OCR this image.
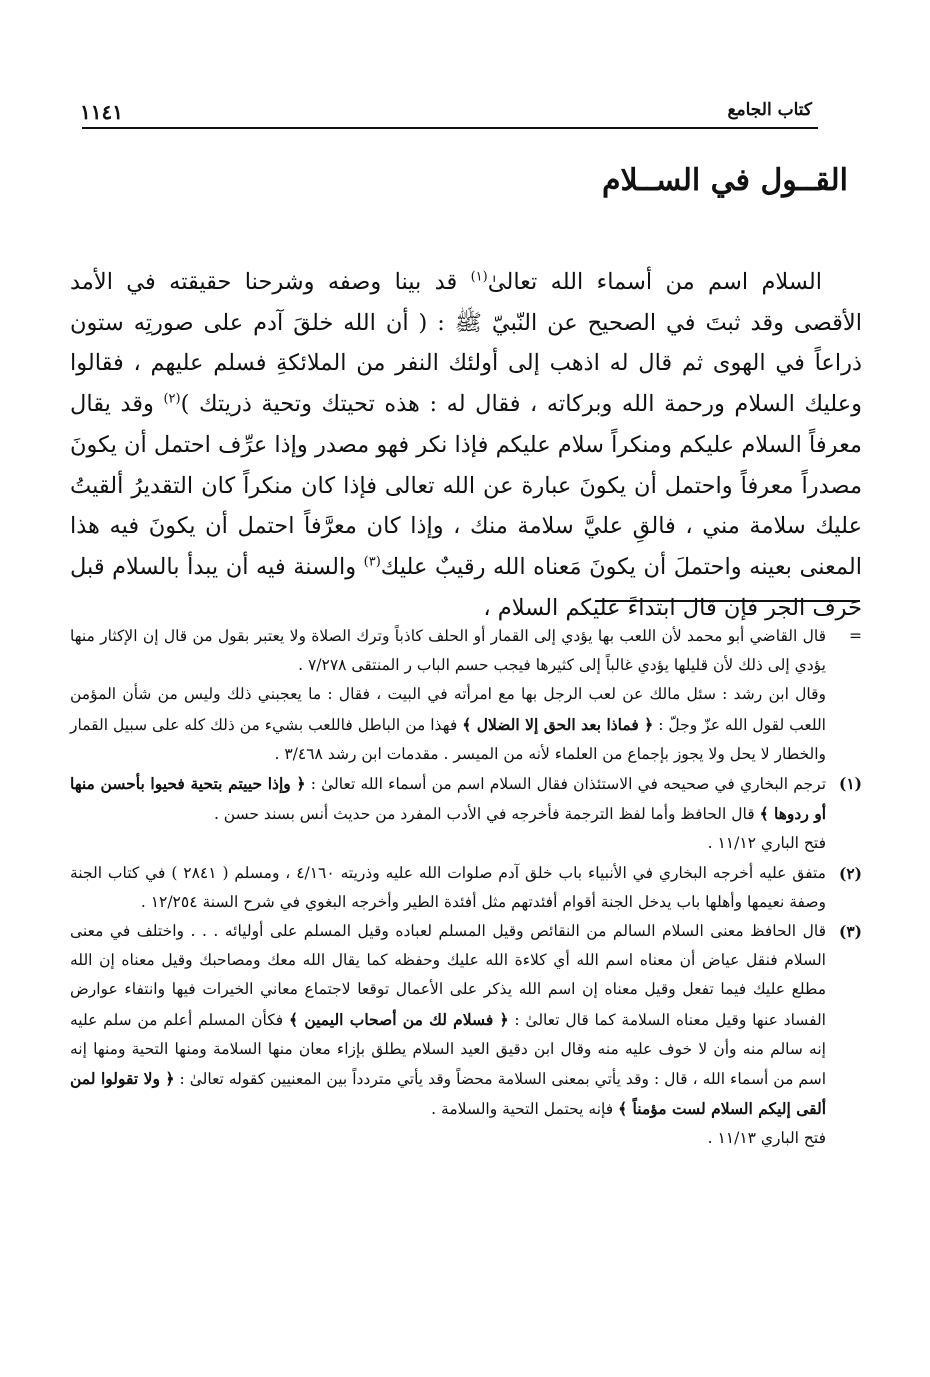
كتاب الجامع
١١٤١
القــول في الســلام

السلام اسم من أسماء الله تعالىٰ$^{(١)}$ قد بينا وصفه وشرحنا حقيقته في الأمد الأقصى وقد ثبتَ في الصحيح عن النّبيّ ﷺ : ( أن الله خلقَ آدم على صورتِه ستون ذراعاً في الهوى ثم قال له اذهب إلى أولئك النفر من الملائكةِ فسلم عليهم ، فقالوا وعليك السلام ورحمة الله وبركاته ، فقال له : هذه تحيتك وتحية ذريتك )$^{(٢)}$ وقد يقال معرفاً السلام عليكم ومنكراً سلام عليكم فإذا نكر فهو مصدر وإذا عرِّف احتمل أن يكونَ مصدراً معرفاً واحتمل أن يكونَ عبارة عن الله تعالى فإذا كان منكراً كان التقديرُ ألقيتُ عليك سلامة مني ، فالقِ عليَّ سلامة منك ، وإذا كان معرَّفاً احتمل أن يكونَ فيه هذا المعنى بعينه واحتملَ أن يكونَ مَعناه الله رقيبٌ عليك$^{(٣)}$ والسنة فيه أن يبدأ بالسلام قبل حَرف الجر فإن قال ابتداءً عليكم السلام ،

=
قال القاضي أبو محمد لأن اللعب بها يؤدي إلى القمار أو الحلف كاذباً وترك الصلاة ولا يعتبر بقول من قال إن الإكثار منها يؤدي إلى ذلك لأن قليلها يؤدي غالباً إلى كثيرها فيجب حسم الباب ر المنتقى ٧/٢٧٨ .
وقال ابن رشد : سئل مالك عن لعب الرجل بها مع امرأته في البيت ، فقال : ما يعجبني ذلك وليس من شأن المؤمن اللعب لقول الله عزّ وجلّ : ﴿ فماذا بعد الحق إلا الضلال ﴾ فهذا من الباطل فاللعب بشيء من ذلك كله على سبيل القمار والخطار لا يحل ولا يجوز بإجماع من العلماء لأنه من الميسر . مقدمات ابن رشد ٣/٤٦٨ .
(١)
ترجم البخاري في صحيحه في الاستئذان فقال السلام اسم من أسماء الله تعالىٰ : ﴿ وإذا حييتم بتحية فحيوا بأحسن منها أو ردوها ﴾ قال الحافظ وأما لفظ الترجمة فأخرجه في الأدب المفرد من حديث أنس بسند حسن .
فتح الباري ١١/١٢ .
(٢)
متفق عليه أخرجه البخاري في الأنبياء باب خلق آدم صلوات الله عليه وذريته ٤/١٦٠ ، ومسلم ( ٢٨٤١ ) في كتاب الجنة وصفة نعيمها وأهلها باب يدخل الجنة أقوام أفئدتهم مثل أفئدة الطير وأخرجه البغوي في شرح السنة ١٢/٢٥٤ .
(٣)
قال الحافظ معنى السلام السالم من النقائص وقيل المسلم لعباده وقيل المسلم على أوليائه . . . واختلف في معنى السلام فنقل عياض أن معناه اسم الله أي كلاءة الله عليك وحفظه كما يقال الله معك ومصاحبك وقيل معناه إن الله مطلع عليك فيما تفعل وقيل معناه إن اسم الله يذكر على الأعمال توقعا لاجتماع معاني الخيرات فيها وانتفاء عوارض الفساد عنها وقيل معناه السلامة كما قال تعالىٰ : ﴿ فسلام لك من أصحاب اليمين ﴾ فكأن المسلم أعلم من سلم عليه إنه سالم منه وأن لا خوف عليه منه وقال ابن دقيق العيد السلام يطلق بإزاء معان منها السلامة ومنها التحية ومنها إنه اسم من أسماء الله ، قال : وقد يأتي بمعنى السلامة محضاً وقد يأتي متردداً بين المعنيين كقوله تعالىٰ : ﴿ ولا تقولوا لمن ألقى إليكم السلام لست مؤمناً ﴾ فإنه يحتمل التحية والسلامة .
فتح الباري ١١/١٣ .
